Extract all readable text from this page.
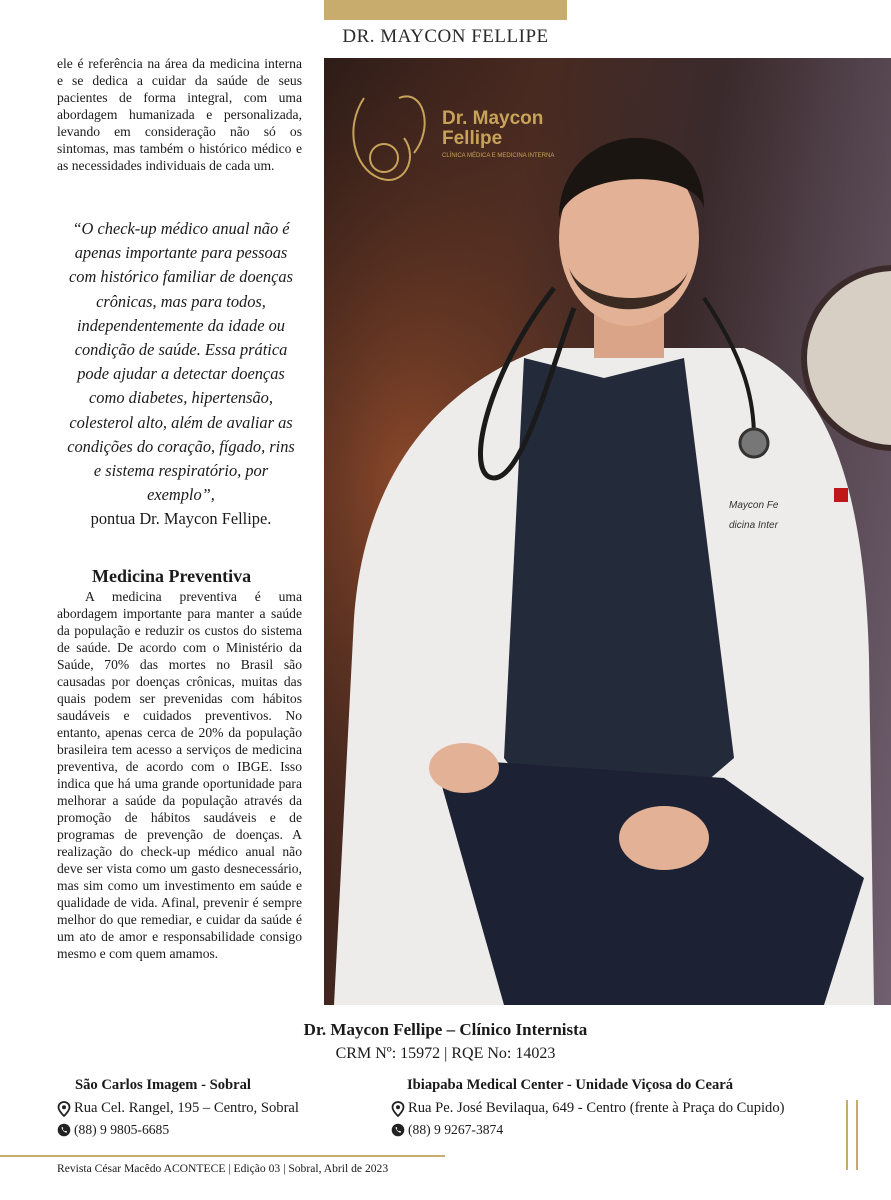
DR. MAYCON FELLIPE
ele é referência na área da medicina interna e se dedica a cuidar da saúde de seus pacientes de forma integral, com uma abordagem humanizada e personalizada, levando em consideração não só os sintomas, mas também o histórico médico e as necessidades individuais de cada um.
“O check-up médico anual não é apenas importante para pessoas com histórico familiar de doenças crônicas, mas para todos, independentemente da idade ou condição de saúde. Essa prática pode ajudar a detectar doenças como diabetes, hipertensão, colesterol alto, além de avaliar as condições do coração, fígado, rins e sistema respiratório, por exemplo”,
pontua Dr. Maycon Fellipe.
Medicina Preventiva
A medicina preventiva é uma abordagem importante para manter a saúde da população e reduzir os custos do sistema de saúde. De acordo com o Ministério da Saúde, 70% das mortes no Brasil são causadas por doenças crônicas, muitas das quais podem ser prevenidas com hábitos saudáveis e cuidados preventivos. No entanto, apenas cerca de 20% da população brasileira tem acesso a serviços de medicina preventiva, de acordo com o IBGE. Isso indica que há uma grande oportunidade para melhorar a saúde da população através da promoção de hábitos saudáveis e de programas de prevenção de doenças. A realização do check-up médico anual não deve ser vista como um gasto desnecessário, mas sim como um investimento em saúde e qualidade de vida. Afinal, prevenir é sempre melhor do que remediar, e cuidar da saúde é um ato de amor e responsabilidade consigo mesmo e com quem amamos.
Dr. Maycon
Fellipe
CLÍNICA MÉDICA E MEDICINA INTERNA
Maycon Fe
dicina Inter
Dr. Maycon Fellipe – Clínico Internista
CRM Nº: 15972 | RQE No: 14023
São Carlos Imagem - Sobral
Rua Cel. Rangel, 195 – Centro, Sobral
(88) 9 9805-6685
Ibiapaba Medical Center - Unidade Viçosa do Ceará
Rua Pe. José Bevilaqua, 649 - Centro (frente à Praça do Cupido)
(88) 9 9267-3874
Revista César Macêdo ACONTECE | Edição 03 | Sobral, Abril de 2023
